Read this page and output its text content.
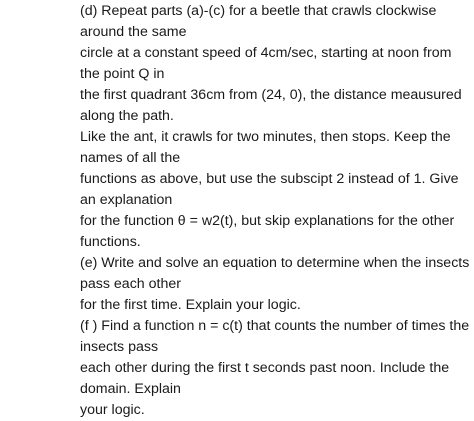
(d) Repeat parts (a)-(c) for a beetle that crawls clockwise
around the same
circle at a constant speed of 4cm/sec, starting at noon from
the point Q in
the first quadrant 36cm from (24, 0), the distance meausured
along the path.
Like the ant, it crawls for two minutes, then stops. Keep the
names of all the
functions as above, but use the subscipt 2 instead of 1. Give
an explanation
for the function θ = w2(t), but skip explanations for the other
functions.
(e) Write and solve an equation to determine when the insects
pass each other
for the first time. Explain your logic.
(f ) Find a function n = c(t) that counts the number of times the
insects pass
each other during the first t seconds past noon. Include the
domain. Explain
your logic.
